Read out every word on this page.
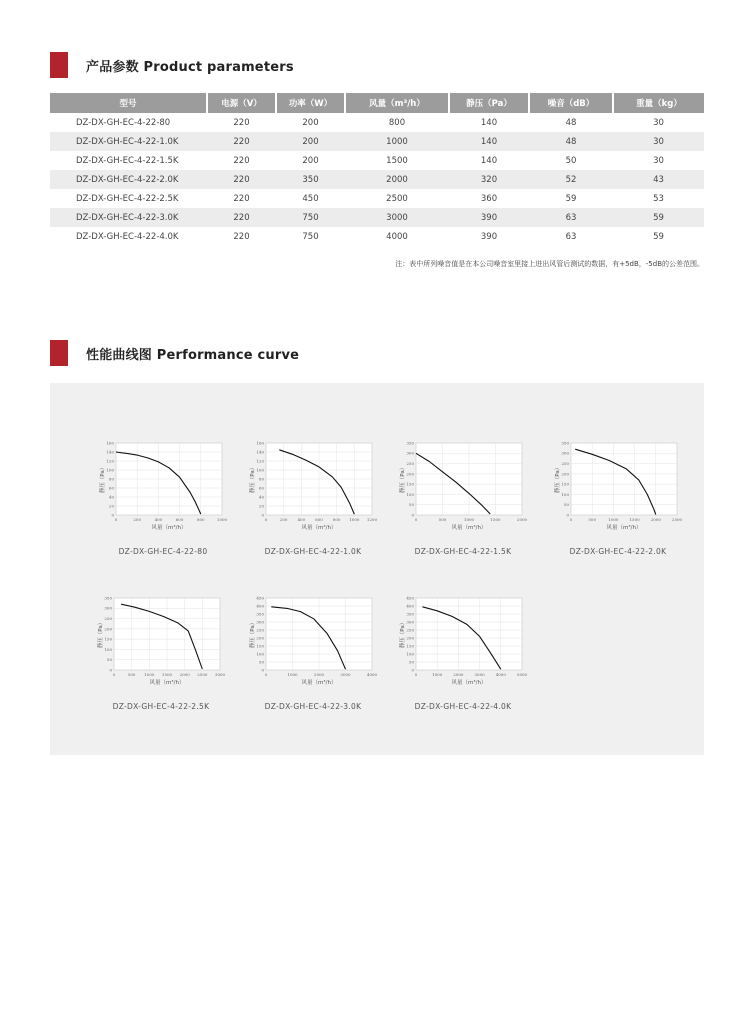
产品参数 Product parameters
型号	电源（V）	功率（W）	风量（m³/h）	静压（Pa）	噪音（dB）	重量（kg）
DZ-DX-GH-EC-4-22-80	220	200	800	140	48	30
DZ-DX-GH-EC-4-22-1.0K	220	200	1000	140	48	30
DZ-DX-GH-EC-4-22-1.5K	220	200	1500	140	50	30
DZ-DX-GH-EC-4-22-2.0K	220	350	2000	320	52	43
DZ-DX-GH-EC-4-22-2.5K	220	450	2500	360	59	53
DZ-DX-GH-EC-4-22-3.0K	220	750	3000	390	63	59
DZ-DX-GH-EC-4-22-4.0K	220	750	4000	390	63	59
注：表中所列噪音值是在本公司噪音室里接上进出风管后测试的数据，有+5dB，-5dB的公差范围。
性能曲线图 Performance curve
0
20
40
60
80
100
120
140
160
0	200	400	600	800	1000
风量（m³/h）
静压（Pa）
DZ-DX-GH-EC-4-22-80
0
20
40
60
80
100
120
140
160
0	200	400	600	800 1000 1200
风量（m³/h）
静压（Pa）
DZ-DX-GH-EC-4-22-1.0K
0
50
100
150
200
250
300
350
0	500	1000	1500	2000
风量（m³/h）
静压（Pa）
DZ-DX-GH-EC-4-22-1.5K
0
50
100
150
200
250
300
350
0	500	1000	1500	2000	2500
风量（m³/h）
静压（Pa）
DZ-DX-GH-EC-4-22-2.0K
0
50
100
150
200
250
300
350
0	500 1000 1500 2000 2500 3000
风量（m³/h）
静压（Pa）
DZ-DX-GH-EC-4-22-2.5K
0
50
100
150
200
250
300
350
400
450
0	1000	2000	3000	4000
风量（m³/h）
静压（Pa）
DZ-DX-GH-EC-4-22-3.0K
0
50
100
150
200
250
300
350
400
450
0	1000	2000	3000	4000	5000
风量（m³/h）
静压（Pa）
DZ-DX-GH-EC-4-22-4.0K
